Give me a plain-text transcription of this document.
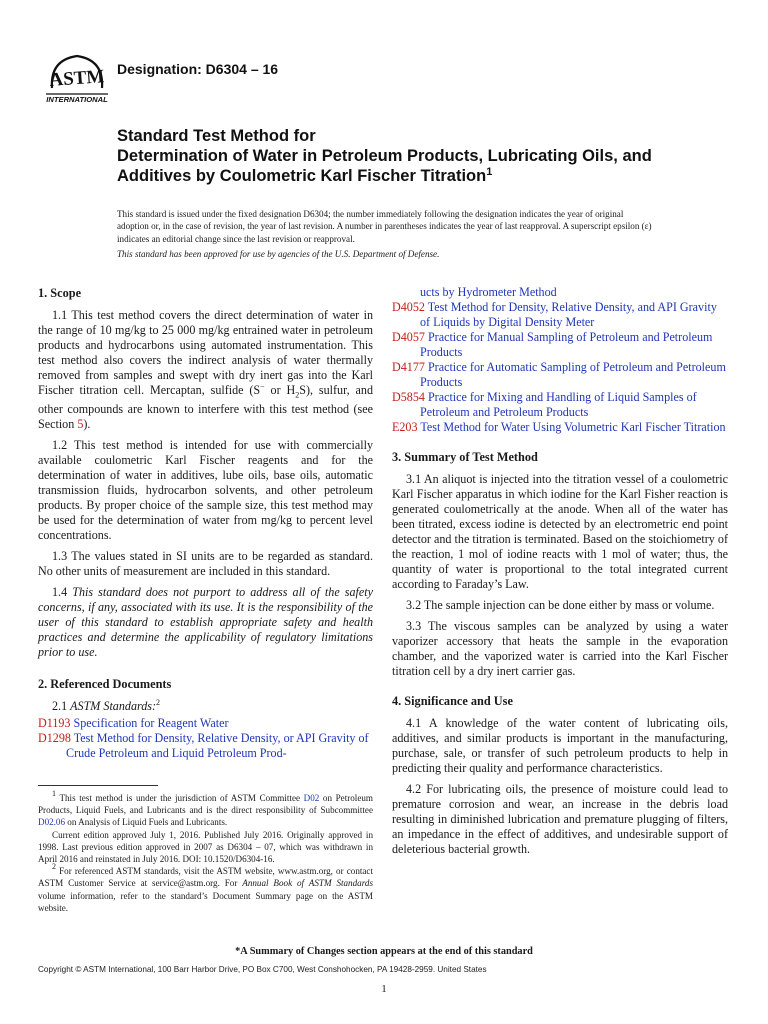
ASTM
INTERNATIONAL
Designation: D6304 – 16
Standard Test Method for
Determination of Water in Petroleum Products, Lubricating Oils, and Additives by Coulometric Karl Fischer Titration$^1$

This standard is issued under the fixed designation D6304; the number immediately following the designation indicates the year of original adoption or, in the case of revision, the year of last revision. A number in parentheses indicates the year of last reapproval. A superscript epsilon (ε) indicates an editorial change since the last revision or reapproval.

This standard has been approved for use by agencies of the U.S. Department of Defense.

1. Scope

1.1 This test method covers the direct determination of water in the range of 10 mg/kg to 25 000 mg/kg entrained water in petroleum products and hydrocarbons using automated instrumentation. This test method also covers the indirect analysis of water thermally removed from samples and swept with dry inert gas into the Karl Fischer titration cell. Mercaptan, sulfide (S− or $H_2S$), sulfur, and other compounds are known to interfere with this test method (see Section 5).

1.2 This test method is intended for use with commercially available coulometric Karl Fischer reagents and for the determination of water in additives, lube oils, base oils, automatic transmission fluids, hydrocarbon solvents, and other petroleum products. By proper choice of the sample size, this test method may be used for the determination of water from mg/kg to percent level concentrations.

1.3 The values stated in SI units are to be regarded as standard. No other units of measurement are included in this standard.

1.4 This standard does not purport to address all of the safety concerns, if any, associated with its use. It is the responsibility of the user of this standard to establish appropriate safety and health practices and determine the applicability of regulatory limitations prior to use.

2. Referenced Documents

2.1 ASTM Standards:$^2$

D1193 Specification for Reagent Water

D1298 Test Method for Density, Relative Density, or API Gravity of Crude Petroleum and Liquid Petroleum Prod-

$^1$ This test method is under the jurisdiction of ASTM Committee D02 on Petroleum Products, Liquid Fuels, and Lubricants and is the direct responsibility of Subcommittee D02.06 on Analysis of Liquid Fuels and Lubricants.

Current edition approved July 1, 2016. Published July 2016. Originally approved in 1998. Last previous edition approved in 2007 as D6304 – 07, which was withdrawn in April 2016 and reinstated in July 2016. DOI: 10.1520/D6304-16.

$^2$ For referenced ASTM standards, visit the ASTM website, www.astm.org, or contact ASTM Customer Service at service@astm.org. For Annual Book of ASTM Standards volume information, refer to the standard’s Document Summary page on the ASTM website.

ucts by Hydrometer Method

D4052 Test Method for Density, Relative Density, and API Gravity of Liquids by Digital Density Meter

D4057 Practice for Manual Sampling of Petroleum and Petroleum Products

D4177 Practice for Automatic Sampling of Petroleum and Petroleum Products

D5854 Practice for Mixing and Handling of Liquid Samples of Petroleum and Petroleum Products

E203 Test Method for Water Using Volumetric Karl Fischer Titration

3. Summary of Test Method

3.1 An aliquot is injected into the titration vessel of a coulometric Karl Fischer apparatus in which iodine for the Karl Fisher reaction is generated coulometrically at the anode. When all of the water has been titrated, excess iodine is detected by an electrometric end point detector and the titration is terminated. Based on the stoichiometry of the reaction, 1 mol of iodine reacts with 1 mol of water; thus, the quantity of water is proportional to the total integrated current according to Faraday’s Law.

3.2 The sample injection can be done either by mass or volume.

3.3 The viscous samples can be analyzed by using a water vaporizer accessory that heats the sample in the evaporation chamber, and the vaporized water is carried into the Karl Fischer titration cell by a dry inert carrier gas.

4. Significance and Use

4.1 A knowledge of the water content of lubricating oils, additives, and similar products is important in the manufacturing, purchase, sale, or transfer of such petroleum products to help in predicting their quality and performance characteristics.

4.2 For lubricating oils, the presence of moisture could lead to premature corrosion and wear, an increase in the debris load resulting in diminished lubrication and premature plugging of filters, an impedance in the effect of additives, and undesirable support of deleterious bacterial growth.

*A Summary of Changes section appears at the end of this standard

Copyright © ASTM International, 100 Barr Harbor Drive, PO Box C700, West Conshohocken, PA 19428-2959. United States

1
